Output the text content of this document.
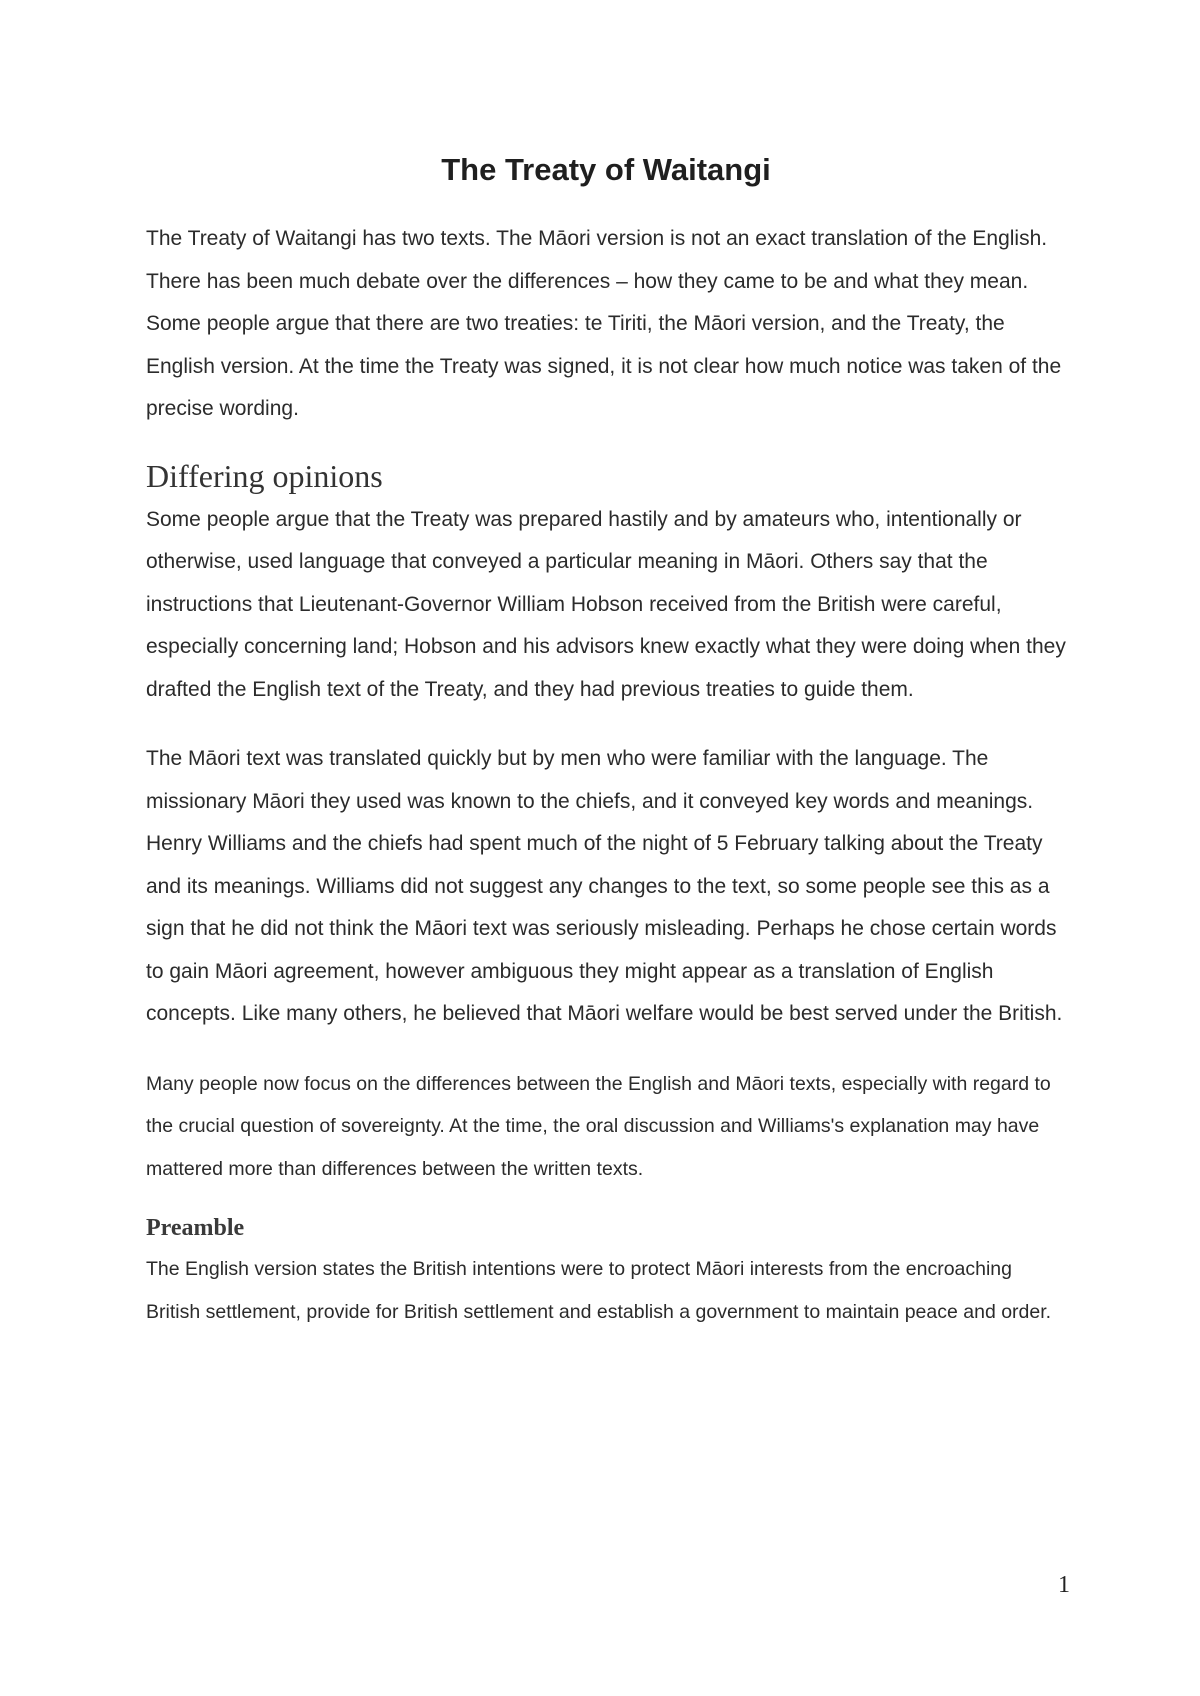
The Treaty of Waitangi

The Treaty of Waitangi has two texts. The Māori version is not an exact translation of the English. There has been much debate over the differences – how they came to be and what they mean. Some people argue that there are two treaties: te Tiriti, the Māori version, and the Treaty, the English version. At the time the Treaty was signed, it is not clear how much notice was taken of the precise wording.

Differing opinions

Some people argue that the Treaty was prepared hastily and by amateurs who, intentionally or otherwise, used language that conveyed a particular meaning in Māori. Others say that the instructions that Lieutenant-Governor William Hobson received from the British were careful, especially concerning land; Hobson and his advisors knew exactly what they were doing when they drafted the English text of the Treaty, and they had previous treaties to guide them.

The Māori text was translated quickly but by men who were familiar with the language. The missionary Māori they used was known to the chiefs, and it conveyed key words and meanings. Henry Williams and the chiefs had spent much of the night of 5 February talking about the Treaty and its meanings. Williams did not suggest any changes to the text, so some people see this as a sign that he did not think the Māori text was seriously misleading. Perhaps he chose certain words to gain Māori agreement, however ambiguous they might appear as a translation of English concepts. Like many others, he believed that Māori welfare would be best served under the British.

Many people now focus on the differences between the English and Māori texts, especially with regard to the crucial question of sovereignty. At the time, the oral discussion and Williams's explanation may have mattered more than differences between the written texts.

Preamble

The English version states the British intentions were to protect Māori interests from the encroaching British settlement, provide for British settlement and establish a government to maintain peace and order.

1
